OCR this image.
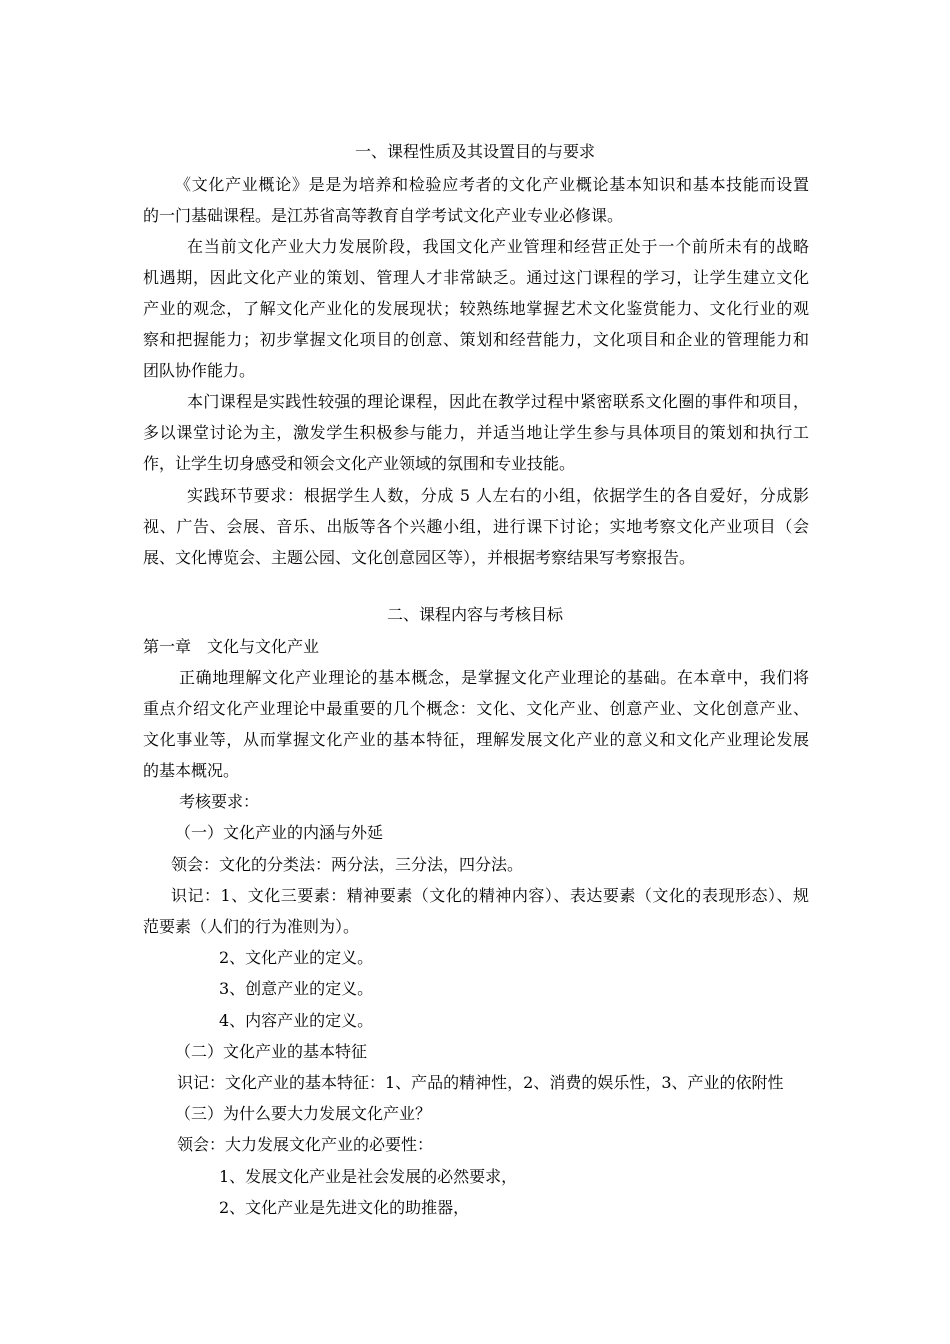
一、课程性质及其设置目的与要求
《文化产业概论》是是为培养和检验应考者的文化产业概论基本知识和基本技能而设置
的一门基础课程。是江苏省高等教育自学考试文化产业专业必修课。
在当前文化产业大力发展阶段，我国文化产业管理和经营正处于一个前所未有的战略
机遇期，因此文化产业的策划、管理人才非常缺乏。通过这门课程的学习，让学生建立文化
产业的观念，了解文化产业化的发展现状；较熟练地掌握艺术文化鉴赏能力、文化行业的观
察和把握能力；初步掌握文化项目的创意、策划和经营能力，文化项目和企业的管理能力和
团队协作能力。
本门课程是实践性较强的理论课程，因此在教学过程中紧密联系文化圈的事件和项目，
多以课堂讨论为主，激发学生积极参与能力，并适当地让学生参与具体项目的策划和执行工
作，让学生切身感受和领会文化产业领域的氛围和专业技能。
实践环节要求：根据学生人数，分成 5 人左右的小组，依据学生的各自爱好，分成影
视、广告、会展、音乐、出版等各个兴趣小组，进行课下讨论；实地考察文化产业项目（会
展、文化博览会、主题公园、文化创意园区等），并根据考察结果写考察报告。
二、课程内容与考核目标
第一章　文化与文化产业
正确地理解文化产业理论的基本概念，是掌握文化产业理论的基础。在本章中，我们将
重点介绍文化产业理论中最重要的几个概念：文化、文化产业、创意产业、文化创意产业、
文化事业等，从而掌握文化产业的基本特征，理解发展文化产业的意义和文化产业理论发展
的基本概况。
考核要求：
（一）文化产业的内涵与外延
领会：文化的分类法：两分法，三分法，四分法。
识记：1、文化三要素：精神要素（文化的精神内容）、表达要素（文化的表现形态）、规
范要素（人们的行为准则为）。
2、文化产业的定义。
3、创意产业的定义。
4、内容产业的定义。
（二）文化产业的基本特征
识记：文化产业的基本特征：1、产品的精神性，2、消费的娱乐性，3、产业的依附性
（三）为什么要大力发展文化产业？
领会：大力发展文化产业的必要性：
1、发展文化产业是社会发展的必然要求，
2、文化产业是先进文化的助推器，
